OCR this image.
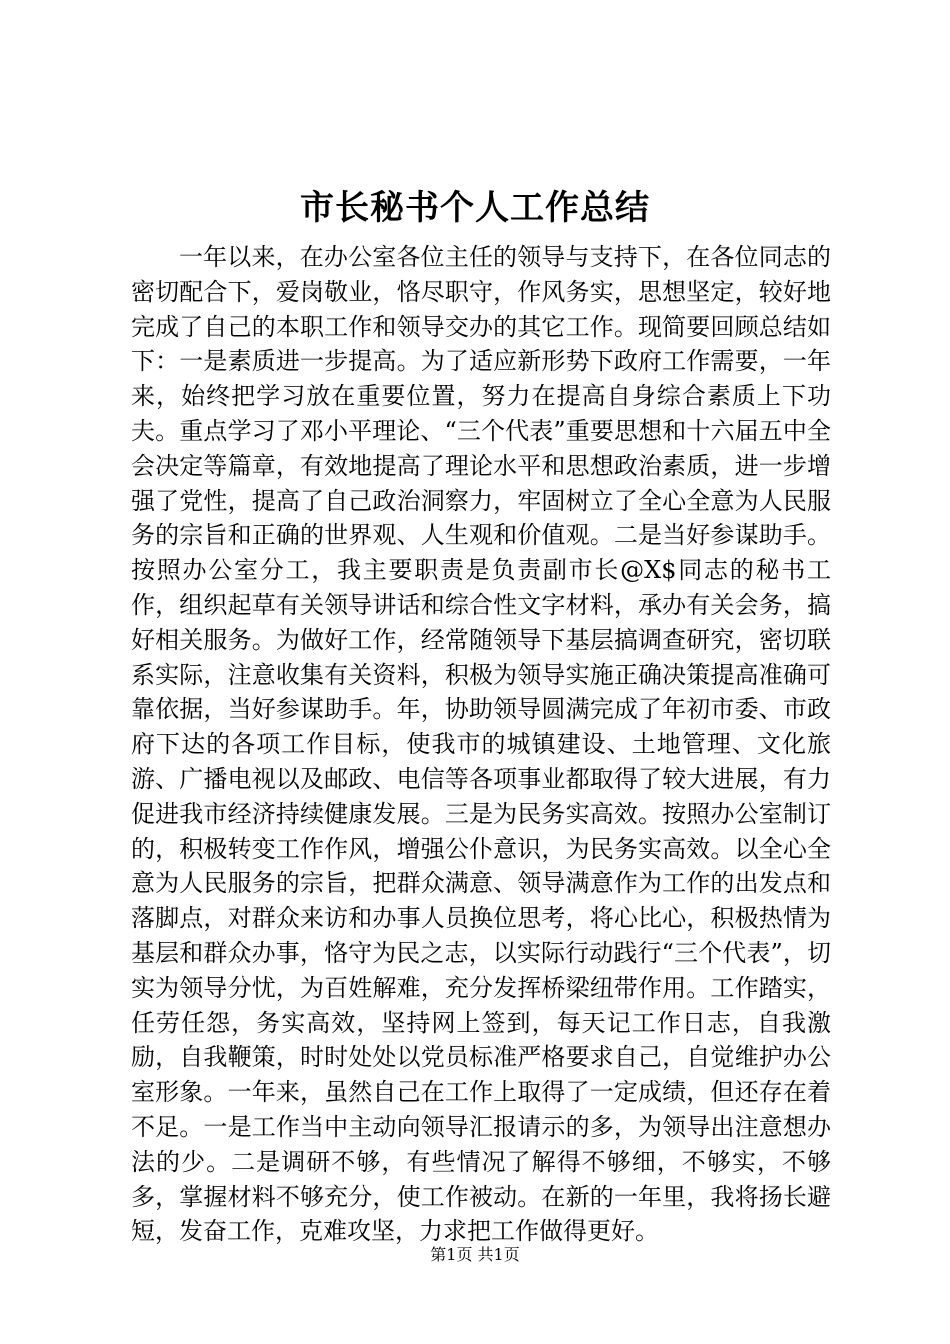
市长秘书个人工作总结

一年以来，在办公室各位主任的领导与支持下，在各位同志的密切配合下，爱岗敬业，恪尽职守，作风务实，思想坚定，较好地完成了自己的本职工作和领导交办的其它工作。现简要回顾总结如下：一是素质进一步提高。为了适应新形势下政府工作需要，一年来，始终把学习放在重要位置，努力在提高自身综合素质上下功夫。重点学习了邓小平理论、“三个代表”重要思想和十六届五中全会决定等篇章，有效地提高了理论水平和思想政治素质，进一步增强了党性，提高了自己政治洞察力，牢固树立了全心全意为人民服务的宗旨和正确的世界观、人生观和价值观。二是当好参谋助手。按照办公室分工，我主要职责是负责副市长@X$同志的秘书工作，组织起草有关领导讲话和综合性文字材料，承办有关会务，搞好相关服务。为做好工作，经常随领导下基层搞调查研究，密切联系实际，注意收集有关资料，积极为领导实施正确决策提高准确可靠依据，当好参谋助手。年，协助领导圆满完成了年初市委、市政府下达的各项工作目标，使我市的城镇建设、土地管理、文化旅游、广播电视以及邮政、电信等各项事业都取得了较大进展，有力促进我市经济持续健康发展。三是为民务实高效。按照办公室制订的，积极转变工作作风，增强公仆意识，为民务实高效。以全心全意为人民服务的宗旨，把群众满意、领导满意作为工作的出发点和落脚点，对群众来访和办事人员换位思考，将心比心，积极热情为基层和群众办事，恪守为民之志，以实际行动践行“三个代表”，切实为领导分忧，为百姓解难，充分发挥桥梁纽带作用。工作踏实，任劳任怨，务实高效，坚持网上签到，每天记工作日志，自我激励，自我鞭策，时时处处以党员标准严格要求自己，自觉维护办公室形象。一年来，虽然自己在工作上取得了一定成绩，但还存在着不足。一是工作当中主动向领导汇报请示的多，为领导出注意想办法的少。二是调研不够，有些情况了解得不够细，不够实，不够多，掌握材料不够充分，使工作被动。在新的一年里，我将扬长避短，发奋工作，克难攻坚，力求把工作做得更好。

第1页 共1页
